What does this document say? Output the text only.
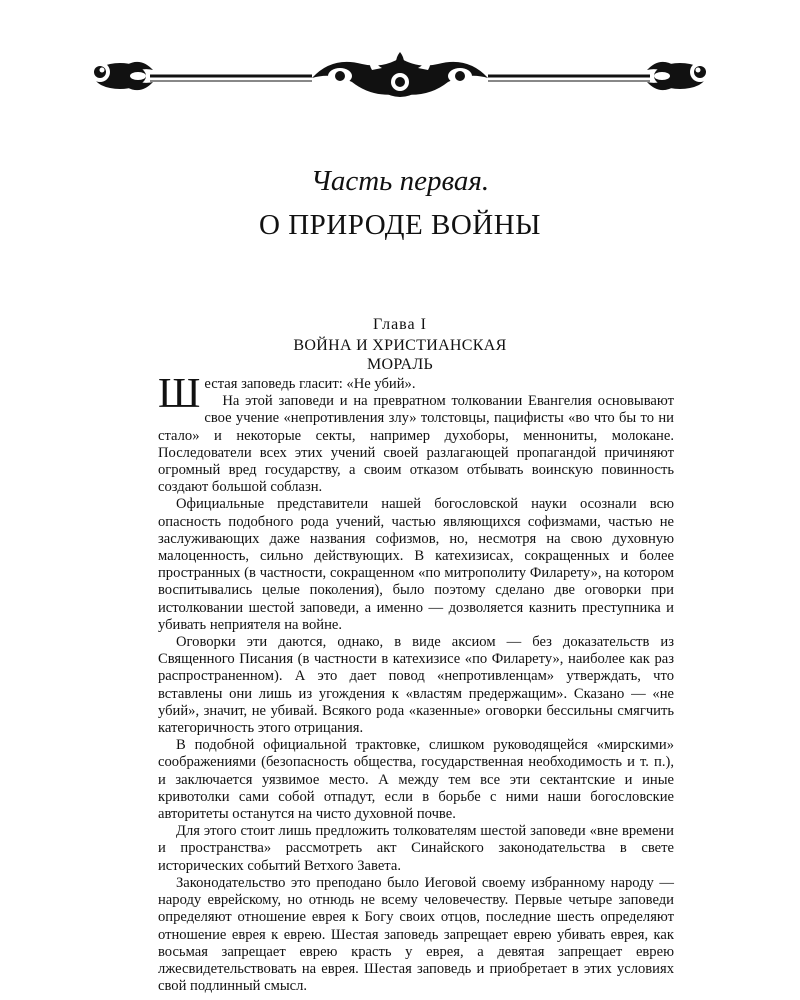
Часть первая.
О ПРИРОДЕ ВОЙНЫ
Глава I
ВОЙНА И ХРИСТИАНСКАЯ
МОРАЛЬ

Шестая заповедь гласит: «Не убий».

На этой заповеди и на превратном толковании Евангелия основывают свое учение «непротивления злу» толстовцы, пацифисты «во что бы то ни стало» и некоторые секты, например духоборы, меннониты, молокане. Последователи всех этих учений своей разлагающей пропагандой причиняют огромный вред государству, а своим отказом отбывать воинскую повинность создают большой соблазн.

Официальные представители нашей богословской науки осознали всю опасность подобного рода учений, частью являющихся софизмами, частью не заслуживающих даже названия софизмов, но, несмотря на свою духовную малоценность, сильно действующих. В катехизисах, сокращенных и более пространных (в частности, сокращенном «по митрополиту Филарету», на котором воспитывались целые поколения), было поэтому сделано две оговорки при истолковании шестой заповеди, а именно — дозволяется казнить преступника и убивать неприятеля на войне.

Оговорки эти даются, однако, в виде аксиом — без доказательств из Священного Писания (в частности в катехизисе «по Филарету», наиболее как раз распространенном). А это дает повод «непротивленцам» утверждать, что вставлены они лишь из угождения к «властям предержащим». Сказано — «не убий», значит, не убивай. Всякого рода «казенные» оговорки бессильны смягчить категоричность этого отрицания.

В подобной официальной трактовке, слишком руководящейся «мирскими» соображениями (безопасность общества, государственная необходимость и т. п.), и заключается уязвимое место. А между тем все эти сектантские и иные кривотолки сами собой отпадут, если в борьбе с ними наши богословские авторитеты останутся на чисто духовной почве.

Для этого стоит лишь предложить толкователям шестой заповеди «вне времени и пространства» рассмотреть акт Синайского законодательства в свете исторических событий Ветхого Завета.

Законодательство это преподано было Иеговой своему избранному народу — народу еврейскому, но отнюдь не всему человечеству. Первые четыре заповеди определяют отношение еврея к Богу своих отцов, последние шесть определяют отношение еврея к еврею. Шестая заповедь запрещает еврею убивать еврея, как восьмая запрещает еврею красть у еврея, а девятая запрещает еврею лжесвидетельствовать на еврея. Шестая заповедь и приобретает в этих условиях свой подлинный смысл.
